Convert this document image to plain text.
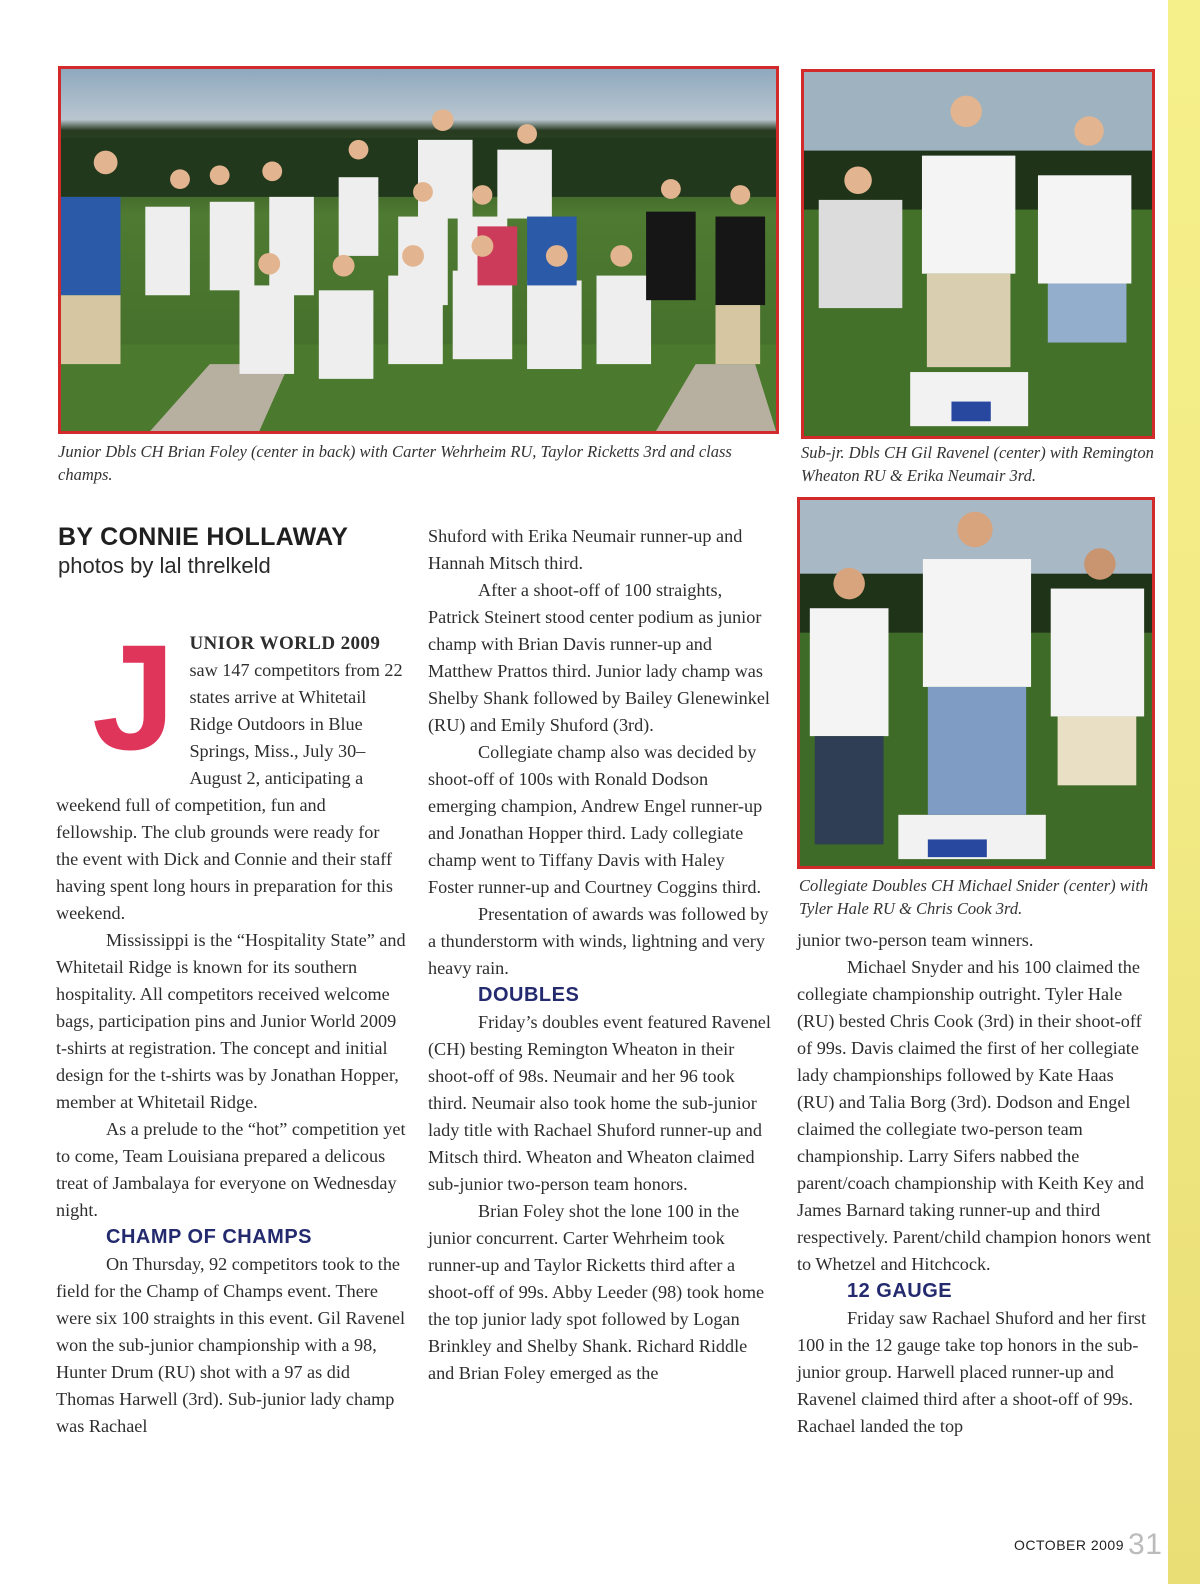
Junior Dbls CH Brian Foley (center in back) with Carter Wehrheim RU, Taylor Ricketts 3rd and class champs.
Sub-jr. Dbls CH Gil Ravenel (center) with Remington Wheaton RU & Erika Neumair 3rd.
Collegiate Doubles CH Michael Snider (center) with Tyler Hale RU & Chris Cook 3rd.
BY CONNIE HOLLAWAY
photos by lal threlkeld

JUNIOR WORLD 2009 saw 147 competitors from 22 states arrive at Whitetail Ridge Outdoors in Blue Springs, Miss., July 30–August 2, anticipating a weekend full of competition, fun and fellowship. The club grounds were ready for the event with Dick and Connie and their staff having spent long hours in preparation for this weekend.

Mississippi is the “Hospitality State” and Whitetail Ridge is known for its southern hospitality. All competitors received welcome bags, participation pins and Junior World 2009 t-shirts at registration. The concept and initial design for the t-shirts was by Jonathan Hopper, member at Whitetail Ridge.

As a prelude to the “hot” competition yet to come, Team Louisiana prepared a delicous treat of Jambalaya for everyone on Wednesday night.

CHAMP OF CHAMPS

On Thursday, 92 competitors took to the field for the Champ of Champs event. There were six 100 straights in this event. Gil Ravenel won the sub-junior championship with a 98, Hunter Drum (RU) shot with a 97 as did Thomas Harwell (3rd). Sub-junior lady champ was Rachael

Shuford with Erika Neumair runner-up and Hannah Mitsch third.

After a shoot-off of 100 straights, Patrick Steinert stood center podium as junior champ with Brian Davis runner-up and Matthew Prattos third. Junior lady champ was Shelby Shank followed by Bailey Glenewinkel (RU) and Emily Shuford (3rd).

Collegiate champ also was decided by shoot-off of 100s with Ronald Dodson emerging champion, Andrew Engel runner-up and Jonathan Hopper third. Lady collegiate champ went to Tiffany Davis with Haley Foster runner-up and Courtney Coggins third.

Presentation of awards was followed by a thunderstorm with winds, lightning and very heavy rain.

DOUBLES

Friday’s doubles event featured Ravenel (CH) besting Remington Wheaton in their shoot-off of 98s. Neumair and her 96 took third. Neumair also took home the sub-junior lady title with Rachael Shuford runner-up and Mitsch third. Wheaton and Wheaton claimed sub-junior two-person team honors.

Brian Foley shot the lone 100 in the junior concurrent. Carter Wehrheim took runner-up and Taylor Ricketts third after a shoot-off of 99s. Abby Leeder (98) took home the top junior lady spot followed by Logan Brinkley and Shelby Shank. Richard Riddle and Brian Foley emerged as the

junior two-person team winners.

Michael Snyder and his 100 claimed the collegiate championship outright. Tyler Hale (RU) bested Chris Cook (3rd) in their shoot-off of 99s. Davis claimed the first of her collegiate lady championships followed by Kate Haas (RU) and Talia Borg (3rd). Dodson and Engel claimed the collegiate two-person team championship. Larry Sifers nabbed the parent/coach championship with Keith Key and James Barnard taking runner-up and third respectively. Parent/child champion honors went to Whetzel and Hitchcock.

12 GAUGE

Friday saw Rachael Shuford and her first 100 in the 12 gauge take top honors in the sub-junior group. Harwell placed runner-up and Ravenel claimed third after a shoot-off of 99s. Rachael landed the top

OCTOBER 2009 31
